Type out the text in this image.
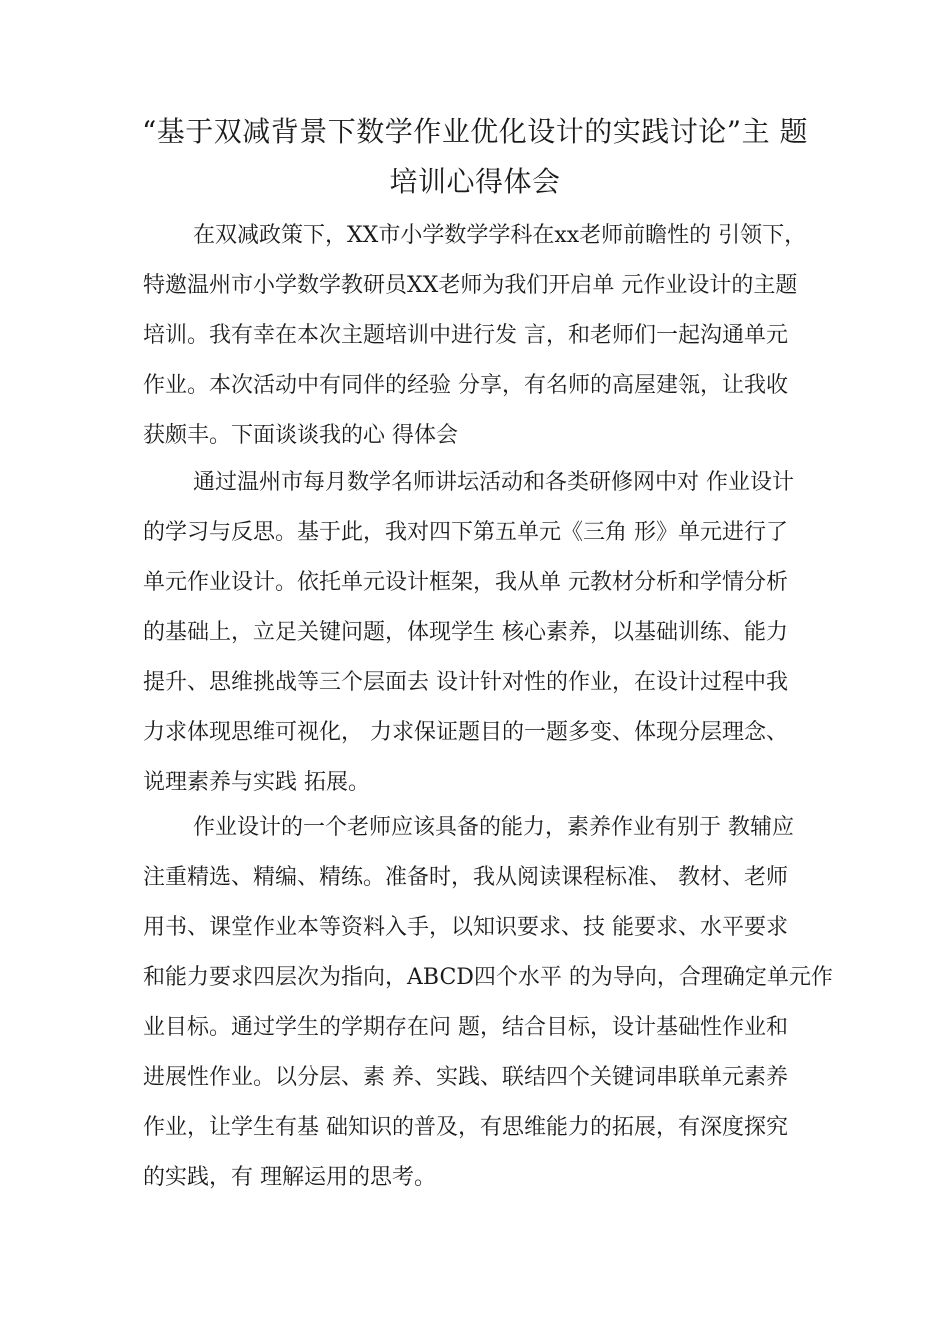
“基于双减背景下数学作业优化设计的实践讨论”主 题
培训心得体会
在双减政策下，XX市小学数学学科在xx老师前瞻性的 引领下，
特邀温州市小学数学教研员XX老师为我们开启单 元作业设计的主题
培训。我有幸在本次主题培训中进行发 言，和老师们一起沟通单元
作业。本次活动中有同伴的经验 分享，有名师的高屋建瓴，让我收
获颇丰。下面谈谈我的心 得体会
通过温州市每月数学名师讲坛活动和各类研修网中对 作业设计
的学习与反思。基于此，我对四下第五单元《三角 形》单元进行了
单元作业设计。依托单元设计框架，我从单 元教材分析和学情分析
的基础上，立足关键问题，体现学生 核心素养，以基础训练、能力
提升、思维挑战等三个层面去 设计针对性的作业，在设计过程中我
力求体现思维可视化， 力求保证题目的一题多变、体现分层理念、
说理素养与实践 拓展。
作业设计的一个老师应该具备的能力，素养作业有别于 教辅应
注重精选、精编、精练。准备时，我从阅读课程标准、 教材、老师
用书、课堂作业本等资料入手，以知识要求、技 能要求、水平要求
和能力要求四层次为指向，ABCD四个水平 的为导向，合理确定单元作
业目标。通过学生的学期存在问 题，结合目标，设计基础性作业和
进展性作业。以分层、素 养、实践、联结四个关键词串联单元素养
作业，让学生有基 础知识的普及，有思维能力的拓展，有深度探究
的实践，有 理解运用的思考。
